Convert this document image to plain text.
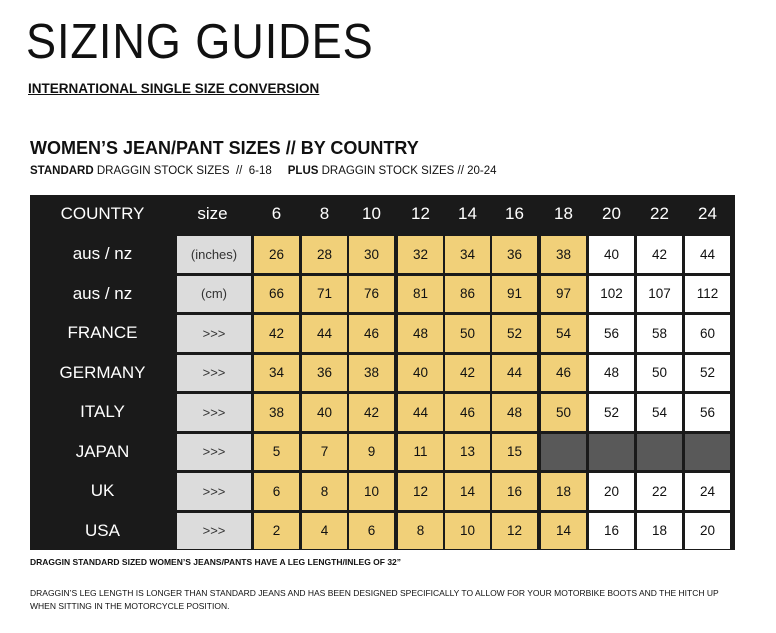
SIZING GUIDES
INTERNATIONAL SINGLE SIZE CONVERSION
WOMEN’S JEAN/PANT SIZES // BY COUNTRY
STANDARD DRAGGIN STOCK SIZES  //  6-18 PLUS DRAGGIN STOCK SIZES // 20-24
COUNTRY	size	6	8	10	12	14	16	18	20	22	24
aus / nz	(inches)	26	28	30	32	34	36	38	40	42	44
aus / nz	(cm)	66	71	76	81	86	91	97	102	107	112
FRANCE	>>>	42	44	46	48	50	52	54	56	58	60
GERMANY	>>>	34	36	38	40	42	44	46	48	50	52
ITALY	>>>	38	40	42	44	46	48	50	52	54	56
JAPAN	>>>	5	7	9	11	13	15
UK	>>>	6	8	10	12	14	16	18	20	22	24
USA	>>>	2	4	6	8	10	12	14	16	18	20
DRAGGIN STANDARD SIZED WOMEN’S JEANS/PANTS HAVE A LEG LENGTH/INLEG OF 32”
DRAGGIN’S LEG LENGTH IS LONGER THAN STANDARD JEANS AND HAS BEEN DESIGNED SPECIFICALLY TO ALLOW FOR YOUR MOTORBIKE BOOTS AND THE HITCH UP WHEN SITTING IN THE MOTORCYCLE POSITION.
